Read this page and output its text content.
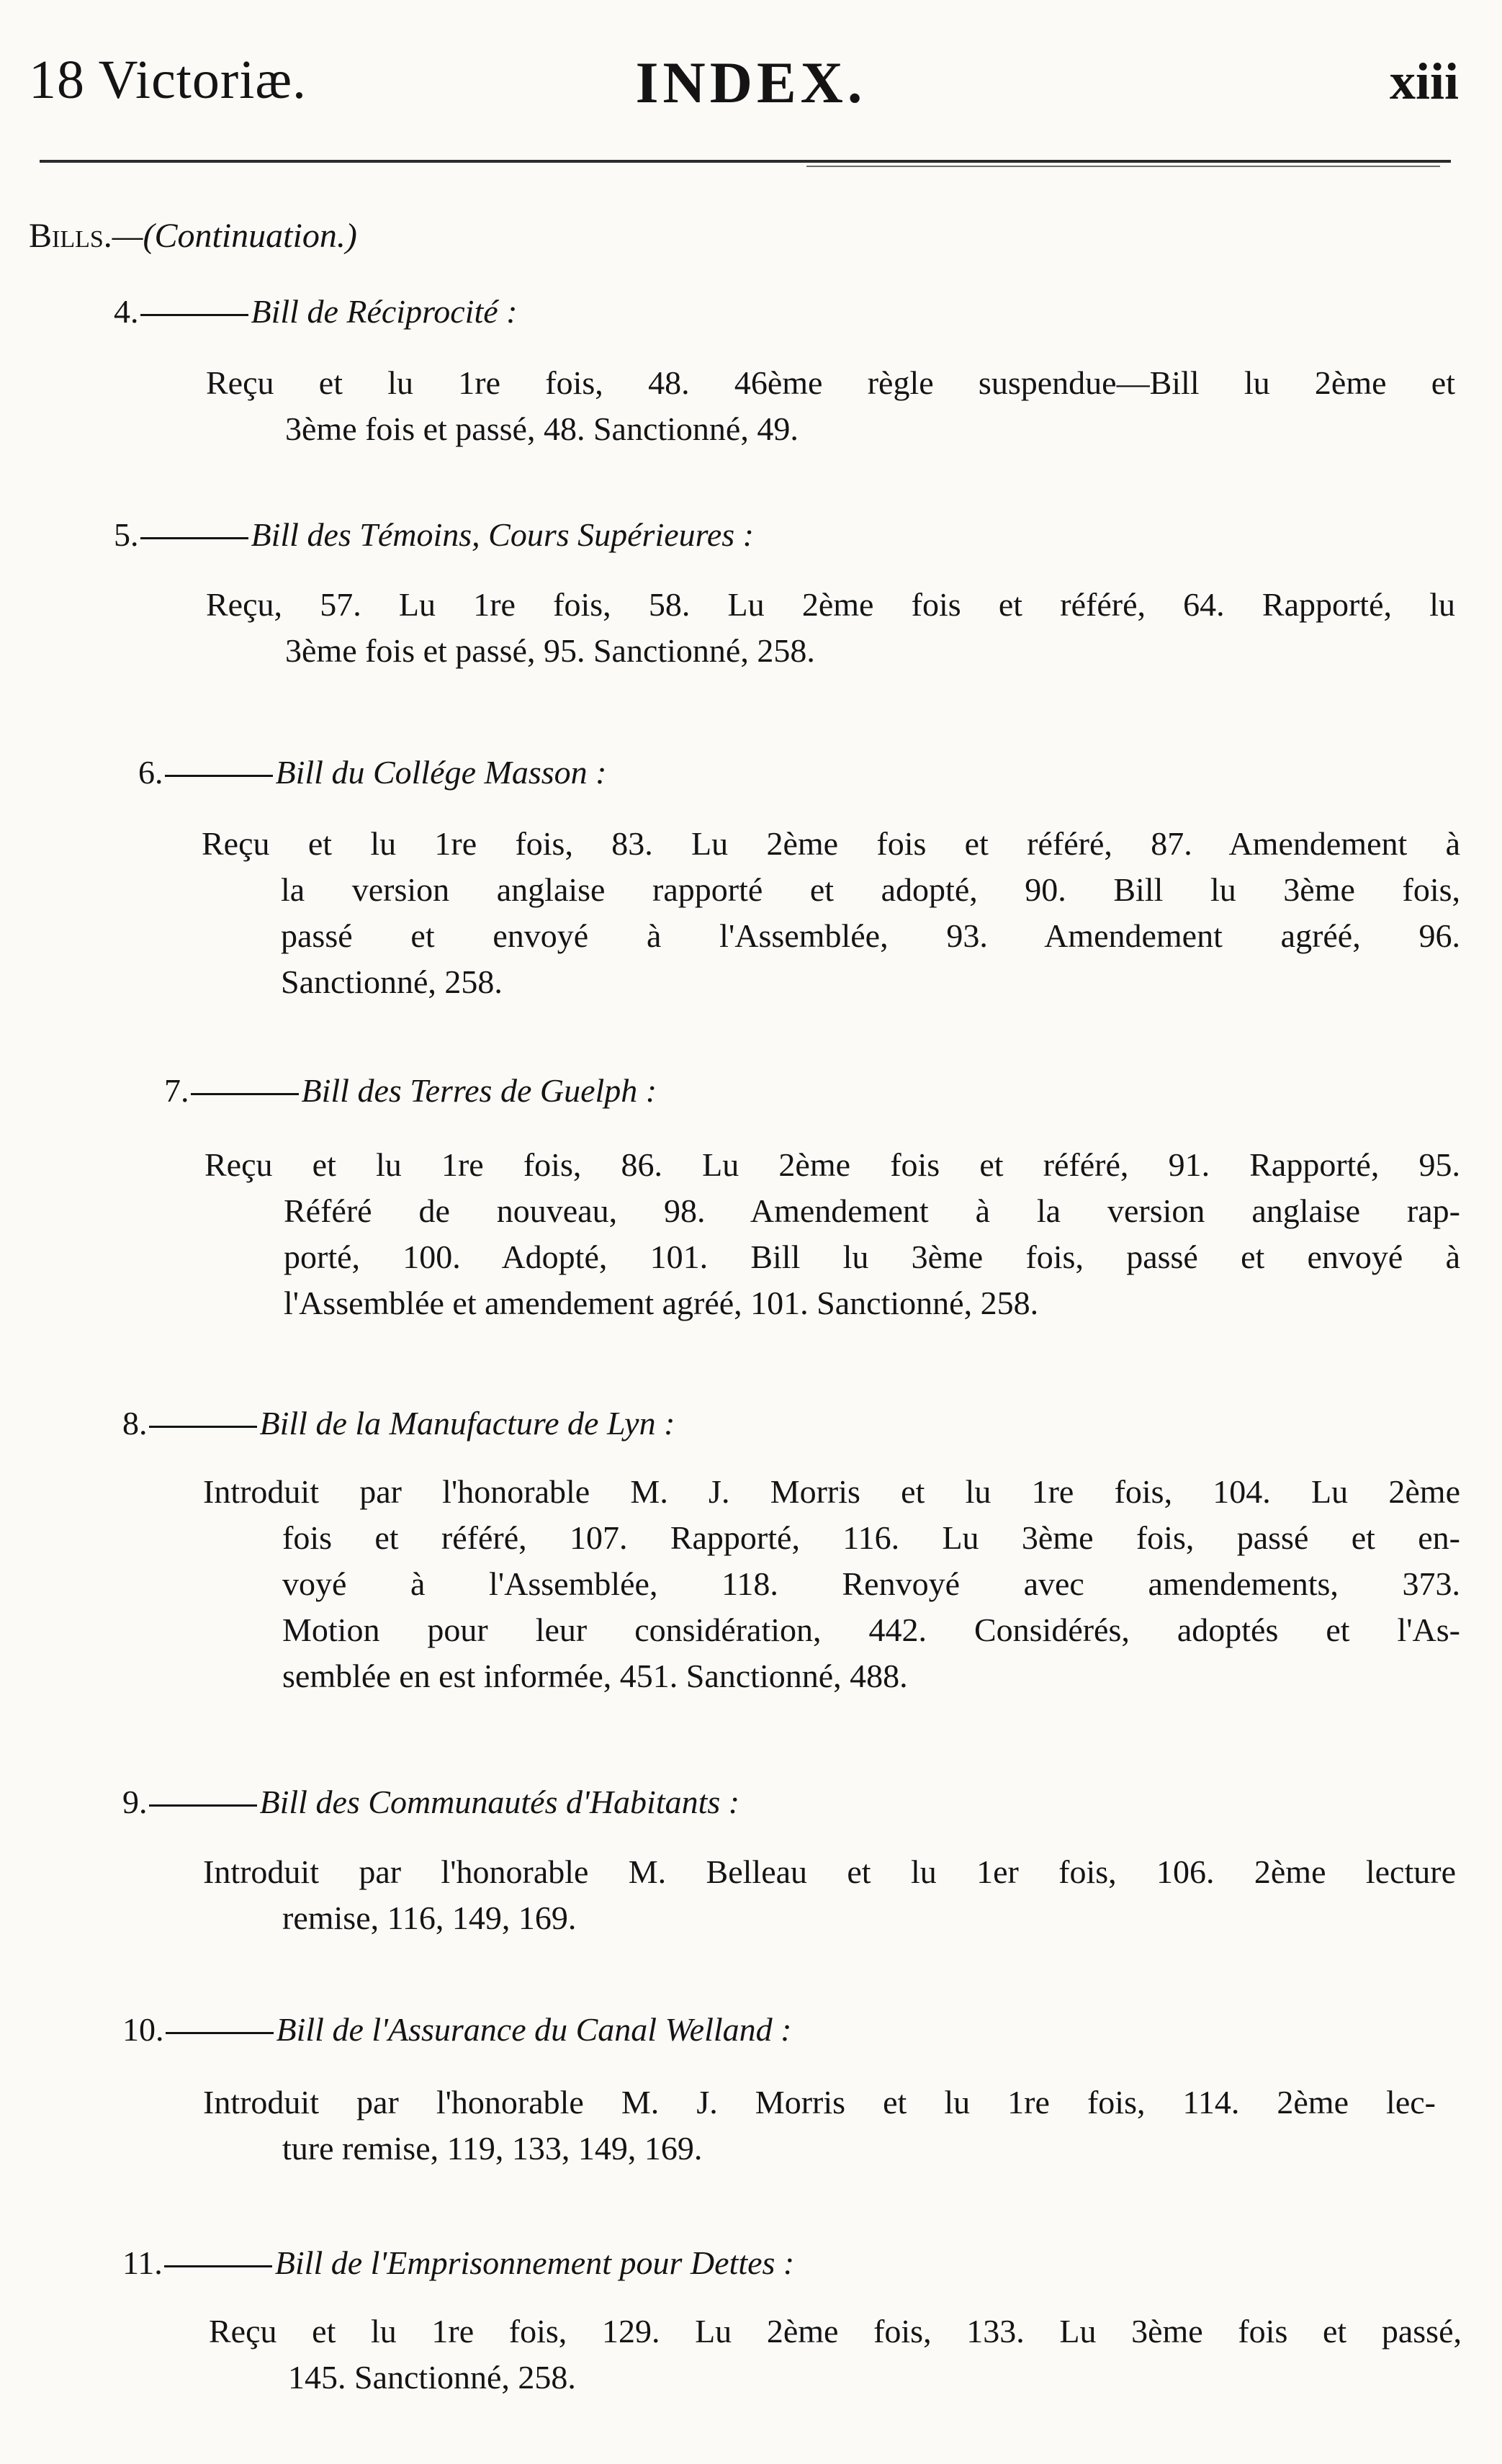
18 Victoriæ.	INDEX.	xiii
Bills.—(Continuation.)
4.	Bill de Réciprocité :
Reçu et lu 1re fois, 48. 46ème règle suspendue—Bill lu 2ème et
3ème fois et passé, 48. Sanctionné, 49.
5.	Bill des Témoins, Cours Supérieures :
Reçu, 57. Lu 1re fois, 58. Lu 2ème fois et référé, 64. Rapporté, lu
3ème fois et passé, 95. Sanctionné, 258.
6.	Bill du Collége Masson :
Reçu et lu 1re fois, 83. Lu 2ème fois et référé, 87. Amendement à
la version anglaise rapporté et adopté, 90. Bill lu 3ème fois,
passé et envoyé à l'Assemblée, 93. Amendement agréé, 96.
Sanctionné, 258.
7.	Bill des Terres de Guelph :
Reçu et lu 1re fois, 86. Lu 2ème fois et référé, 91. Rapporté, 95.
Référé de nouveau, 98. Amendement à la version anglaise rap-
porté, 100. Adopté, 101. Bill lu 3ème fois, passé et envoyé à
l'Assemblée et amendement agréé, 101. Sanctionné, 258.
8.	Bill de la Manufacture de Lyn :
Introduit par l'honorable M. J. Morris et lu 1re fois, 104. Lu 2ème
fois et référé, 107. Rapporté, 116. Lu 3ème fois, passé et en-
voyé à l'Assemblée, 118. Renvoyé avec amendements, 373.
Motion pour leur considération, 442. Considérés, adoptés et l'As-
semblée en est informée, 451. Sanctionné, 488.
9.	Bill des Communautés d'Habitants :
Introduit par l'honorable M. Belleau et lu 1er fois, 106. 2ème lecture
remise, 116, 149, 169.
10.	Bill de l'Assurance du Canal Welland :
Introduit par l'honorable M. J. Morris et lu 1re fois, 114. 2ème lec-
ture remise, 119, 133, 149, 169.
11.	Bill de l'Emprisonnement pour Dettes :
Reçu et lu 1re fois, 129. Lu 2ème fois, 133. Lu 3ème fois et passé,
145. Sanctionné, 258.
